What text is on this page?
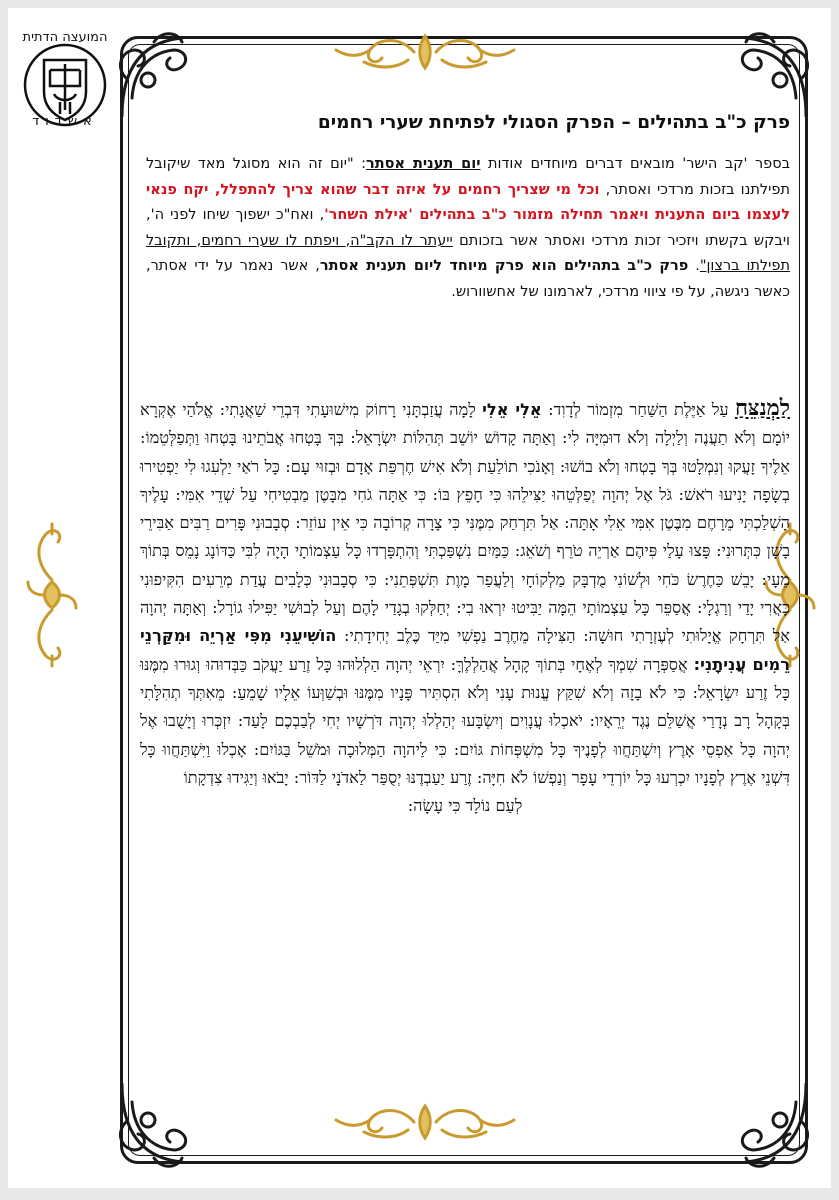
המועצה הדתית
אשדוד	פרק כ"ב בתהילים – הפרק הסגולי לפתיחת שערי רחמים
בספר 'קב הישר' מובאים דברים מיוחדים אודות יום תענית אסתר: "יום זה הוא מסוגל מאד שיקובל תפילתנו בזכות מרדכי ואסתר, וכל מי שצריך רחמים על איזה דבר שהוא צריך להתפלל, יקח פנאי לעצמו ביום התענית ויאמר תחילה מזמור כ"ב בתהילים 'אילת השחר', ואח"כ ישפוך שיחו לפני ה', ויבקש בקשתו ויזכיר זכות מרדכי ואסתר אשר בזכותם ייעתר לו הקב"ה, ויפתח לו שערי רחמים, ותקובל תפילתו ברצון". פרק כ"ב בתהילים הוא פרק מיוחד ליום תענית אסתר, אשר נאמר על ידי אסתר, כאשר ניגשה, על פי ציווי מרדכי, לארמונו של אחשוורוש.
לַמְנַצֵּחַ עַל אַיֶּלֶת הַשַּׁחַר מִזְמוֹר לְדָוִד: אֵלִי אֵלִי לָמָה עֲזַבְתָּנִי רָחוֹק מִישׁוּעָתִי דִּבְרֵי שַׁאֲגָתִי: אֱלֹהַי אֶקְרָא יוֹמָם וְלֹא תַעֲנֶה וְלַיְלָה וְלֹא דוּמִיָּה לִי: וְאַתָּה קָדוֹשׁ יוֹשֵׁב תְּהִלּוֹת יִשְׂרָאֵל: בְּךָ בָּטְחוּ אֲבֹתֵינוּ בָּטְחוּ וַתְּפַלְּטֵמוֹ: אֵלֶיךָ זָעֲקוּ וְנִמְלָטוּ בְּךָ בָטְחוּ וְלֹא בוֹשׁוּ: וְאָנֹכִי תוֹלַעַת וְלֹא אִישׁ חֶרְפַּת אָדָם וּבְזוּי עָם: כָּל רֹאַי יַלְעִגוּ לִי יַפְטִירוּ בְשָׂפָה יָנִיעוּ רֹאשׁ: גֹּל אֶל יְהוָה יְפַלְּטֵהוּ יַצִּילֵהוּ כִּי חָפֵץ בּוֹ: כִּי אַתָּה גֹחִי מִבָּטֶן מַבְטִיחִי עַל שְׁדֵי אִמִּי: עָלֶיךָ הָשְׁלַכְתִּי מֵרָחֶם מִבֶּטֶן אִמִּי אֵלִי אָתָּה: אַל תִּרְחַק מִמֶּנִּי כִּי צָרָה קְרוֹבָה כִּי אֵין עוֹזֵר: סְבָבוּנִי פָּרִים רַבִּים אַבִּירֵי בָשָׁן כִּתְּרוּנִי: פָּצוּ עָלַי פִּיהֶם אַרְיֵה טֹרֵף וְשֹׁאֵג: כַּמַּיִם נִשְׁפַּכְתִּי וְהִתְפָּרְדוּ כָּל עַצְמוֹתָי הָיָה לִבִּי כַּדּוֹנָג נָמֵס בְּתוֹךְ מֵעָי: יָבֵשׁ כַּחֶרֶשׂ כֹּחִי וּלְשׁוֹנִי מֻדְבָּק מַלְקוֹחָי וְלַעֲפַר מָוֶת תִּשְׁפְּתֵנִי: כִּי סְבָבוּנִי כְּלָבִים עֲדַת מְרֵעִים הִקִּיפוּנִי כָּאֲרִי יָדַי וְרַגְלָי: אֲסַפֵּר כָּל עַצְמוֹתָי הֵמָּה יַבִּיטוּ יִרְאוּ בִי: יְחַלְּקוּ בְגָדַי לָהֶם וְעַל לְבוּשִׁי יַפִּילוּ גוֹרָל: וְאַתָּה יְהוָה אַל תִּרְחָק אֱיָלוּתִי לְעֶזְרָתִי חוּשָׁה: הַצִּילָה מֵחֶרֶב נַפְשִׁי מִיַּד כֶּלֶב יְחִידָתִי: הוֹשִׁיעֵנִי מִפִּי אַרְיֵה וּמִקַּרְנֵי רֵמִים עֲנִיתָנִי: אֲסַפְּרָה שִׁמְךָ לְאֶחָי בְּתוֹךְ קָהָל אֲהַלְלֶךָּ: יִרְאֵי יְהוָה הַלְלוּהוּ כָּל זֶרַע יַעֲקֹב כַּבְּדוּהוּ וְגוּרוּ מִמֶּנּוּ כָּל זֶרַע יִשְׂרָאֵל: כִּי לֹא בָזָה וְלֹא שִׁקַּץ עֱנוּת עָנִי וְלֹא הִסְתִּיר פָּנָיו מִמֶּנּוּ וּבְשַׁוְּעוֹ אֵלָיו שָׁמֵעַ: מֵאִתְּךָ תְהִלָּתִי בְּקָהָל רָב נְדָרַי אֲשַׁלֵּם נֶגֶד יְרֵאָיו: יֹאכְלוּ עֲנָוִים וְיִשְׂבָּעוּ יְהַלְלוּ יְהוָה דֹּרְשָׁיו יְחִי לְבַבְכֶם לָעַד: יִזְכְּרוּ וְיָשֻׁבוּ אֶל יְהוָה כָּל אַפְסֵי אָרֶץ וְיִשְׁתַּחֲווּ לְפָנֶיךָ כָּל מִשְׁפְּחוֹת גּוֹיִם: כִּי לַיהוָה הַמְּלוּכָה וּמֹשֵׁל בַּגּוֹיִם: אָכְלוּ וַיִּשְׁתַּחֲווּ כָּל דִּשְׁנֵי אֶרֶץ לְפָנָיו יִכְרְעוּ כָּל יוֹרְדֵי עָפָר וְנַפְשׁוֹ לֹא חִיָּה: זֶרַע יַעַבְדֶנּוּ יְסֻפַּר לַאדֹנָי לַדּוֹר: יָבֹאוּ וְיַגִּידוּ צִדְקָתוֹ
לְעַם נוֹלָד כִּי עָשָׂה:
